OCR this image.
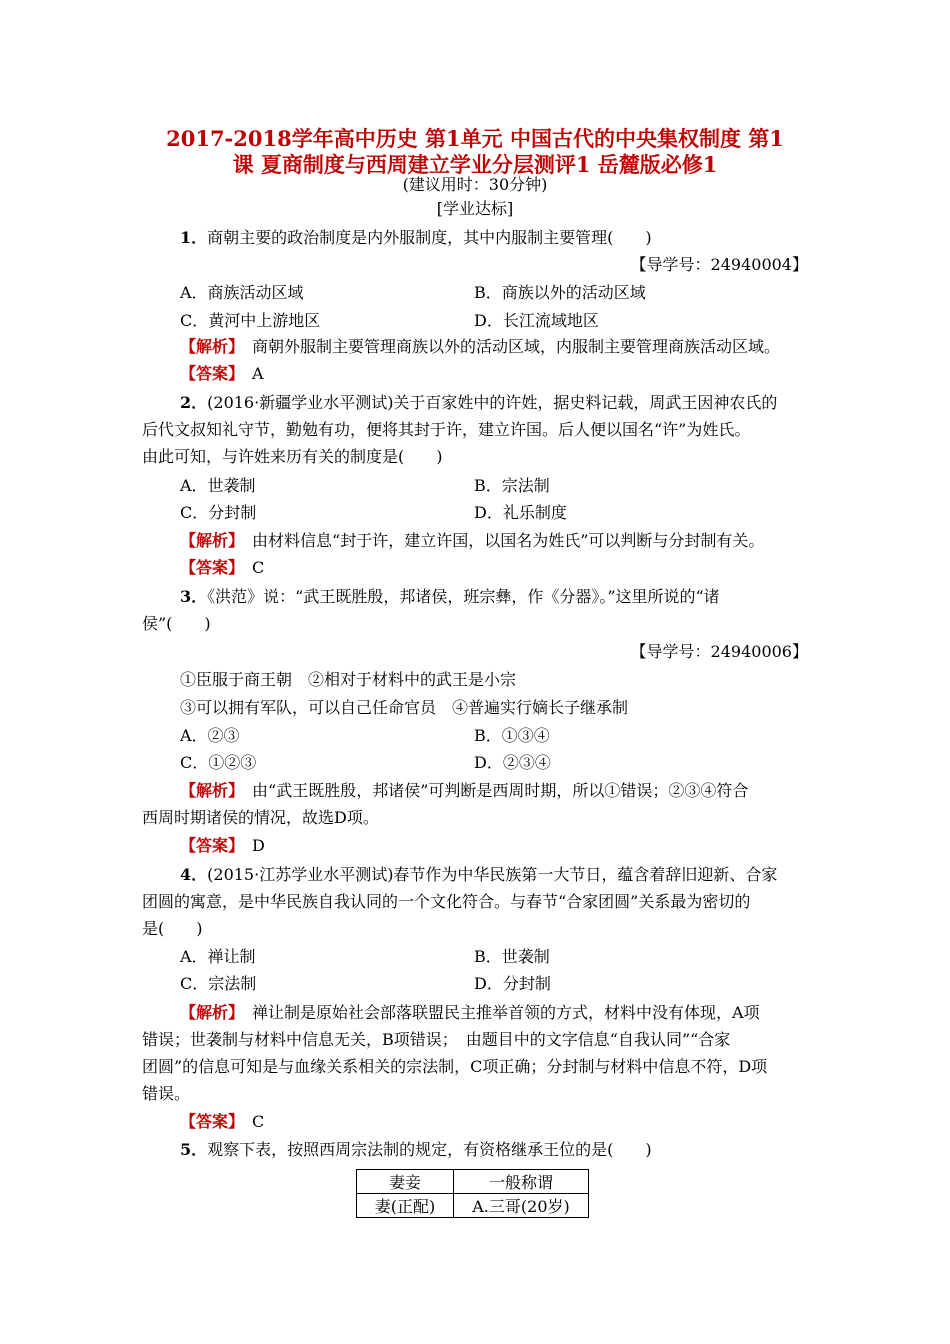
2017-2018学年高中历史 第1单元 中国古代的中央集权制度 第1
课 夏商制度与西周建立学业分层测评1 岳麓版必修1
(建议用时：30分钟)
[学业达标]
1．商朝主要的政治制度是内外服制度，其中内服制主要管理(　　)
【导学号：24940004】
A．商族活动区域	B．商族以外的活动区域
C．黄河中上游地区	D．长江流域地区
【解析】　 商朝外服制主要管理商族以外的活动区域，内服制主要管理商族活动区域。
【答案】　 A
2．(2016·新疆学业水平测试)关于百家姓中的许姓，据史料记载，周武王因神农氏的
后代文叔知礼守节，勤勉有功，便将其封于许，建立许国。后人便以国名“许”为姓氏。
由此可知，与许姓来历有关的制度是(　　)
A．世袭制	B．宗法制
C．分封制	D．礼乐制度
【解析】　 由材料信息“封于许，建立许国，以国名为姓氏”可以判断与分封制有关。
【答案】　 C
3．《洪范》说：“武王既胜殷，邦诸侯，班宗彝，作《分器》。”这里所说的“诸
侯”(　　)
【导学号：24940006】
①臣服于商王朝　②相对于材料中的武王是小宗
③可以拥有军队，可以自己任命官员　④普遍实行嫡长子继承制
A．②③	B．①③④
C．①②③	D．②③④
【解析】　 由“武王既胜殷，邦诸侯”可判断是西周时期，所以①错误；②③④符合
西周时期诸侯的情况，故选D项。
【答案】　 D
4．(2015·江苏学业水平测试)春节作为中华民族第一大节日，蕴含着辞旧迎新、合家
团圆的寓意，是中华民族自我认同的一个文化符合。与春节“合家团圆”关系最为密切的
是(　　)
A．禅让制	B．世袭制
C．宗法制	D．分封制
【解析】　 禅让制是原始社会部落联盟民主推举首领的方式，材料中没有体现，A项
错误；世袭制与材料中信息无关，B项错误；　由题目中的文字信息“自我认同”“合家
团圆”的信息可知是与血缘关系相关的宗法制，C项正确；分封制与材料中信息不符，D项
错误。
【答案】　 C
5．观察下表，按照西周宗法制的规定，有资格继承王位的是(　　)
妻妾	一般称谓
妻(正配)	A.三哥(20岁)
